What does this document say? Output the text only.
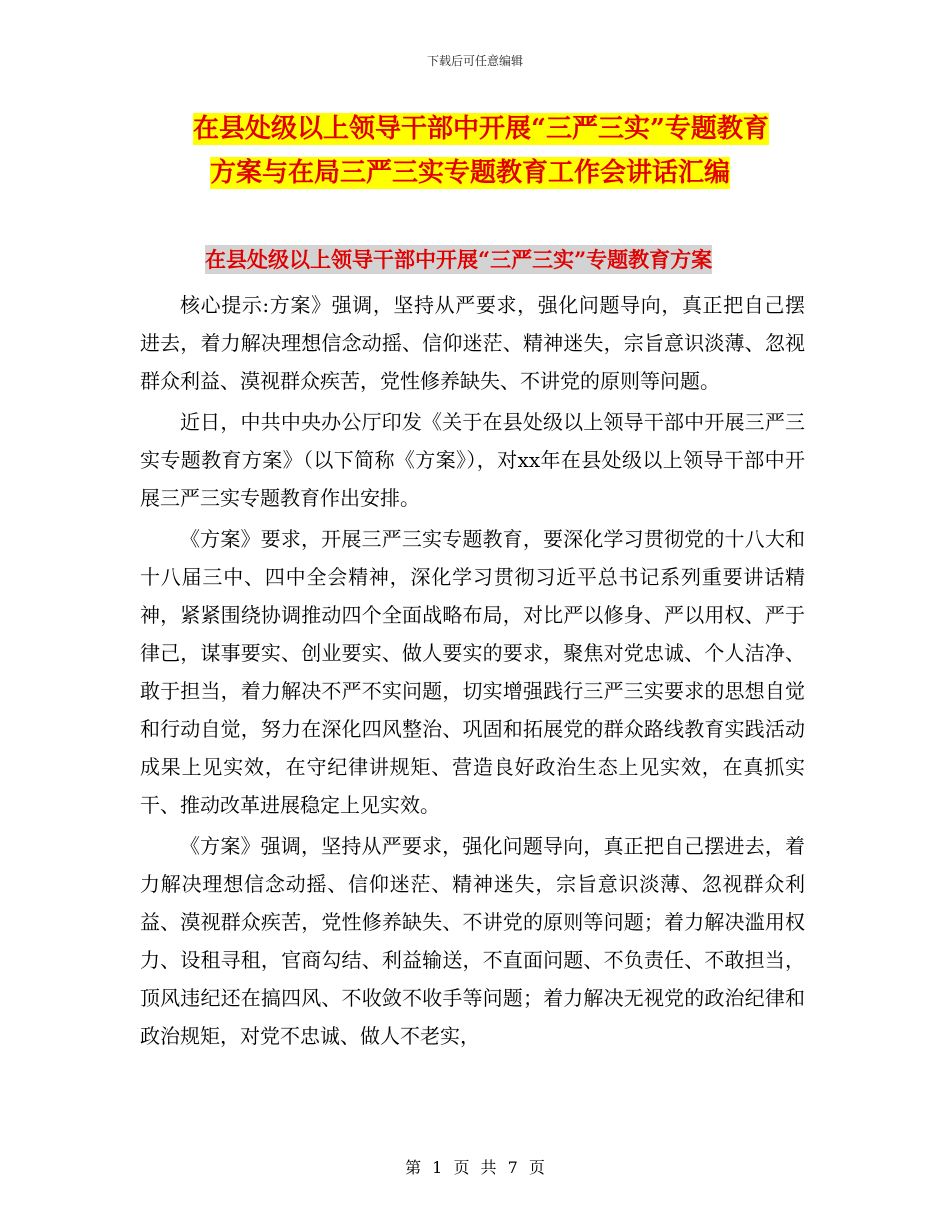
下载后可任意编辑
在县处级以上领导干部中开展“三严三实”专题教育
方案与在局三严三实专题教育工作会讲话汇编
在县处级以上领导干部中开展“三严三实”专题教育方案

核心提示:方案》强调，坚持从严要求，强化问题导向，真正把自己摆进去，着力解决理想信念动摇、信仰迷茫、精神迷失，宗旨意识淡薄、忽视群众利益、漠视群众疾苦，党性修养缺失、不讲党的原则等问题。

近日，中共中央办公厅印发《关于在县处级以上领导干部中开展三严三实专题教育方案》（以下简称《方案》），对xx年在县处级以上领导干部中开展三严三实专题教育作出安排。

《方案》要求，开展三严三实专题教育，要深化学习贯彻党的十八大和十八届三中、四中全会精神，深化学习贯彻习近平总书记系列重要讲话精神，紧紧围绕协调推动四个全面战略布局，对比严以修身、严以用权、严于律己，谋事要实、创业要实、做人要实的要求，聚焦对党忠诚、个人洁净、敢于担当，着力解决不严不实问题，切实增强践行三严三实要求的思想自觉和行动自觉，努力在深化四风整治、巩固和拓展党的群众路线教育实践活动成果上见实效，在守纪律讲规矩、营造良好政治生态上见实效，在真抓实干、推动改革进展稳定上见实效。

《方案》强调，坚持从严要求，强化问题导向，真正把自己摆进去，着力解决理想信念动摇、信仰迷茫、精神迷失，宗旨意识淡薄、忽视群众利益、漠视群众疾苦，党性修养缺失、不讲党的原则等问题；着力解决滥用权力、设租寻租，官商勾结、利益输送，不直面问题、不负责任、不敢担当，顶风违纪还在搞四风、不收敛不收手等问题；着力解决无视党的政治纪律和政治规矩，对党不忠诚、做人不老实，

第 1 页 共 7 页
